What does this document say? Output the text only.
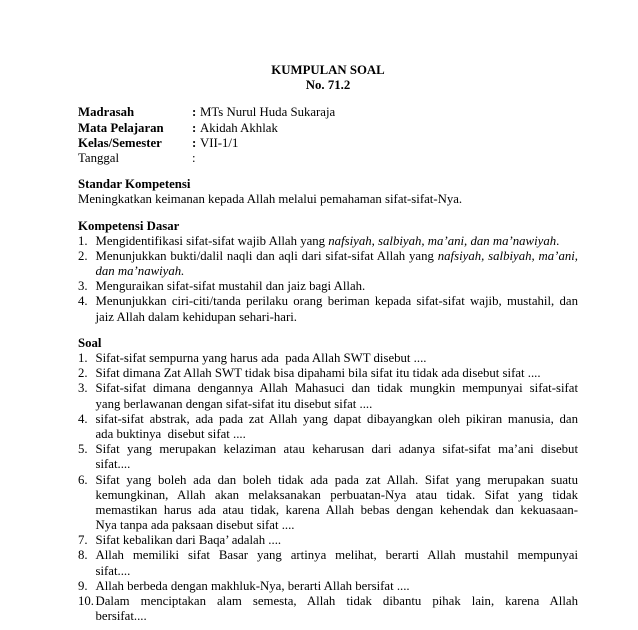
KUMPULAN SOAL
No. 71.2
Madrasah	: MTs Nurul Huda Sukaraja
Mata Pelajaran	: Akidah Akhlak
Kelas/Semester	: VII-1/1
Tanggal	:
Standar Kompetensi
Meningkatkan keimanan kepada Allah melalui pemahaman sifat-sifat-Nya.
Kompetensi Dasar
1. Mengidentifikasi sifat-sifat wajib Allah yang nafsiyah, salbiyah, ma’ani, dan ma’nawiyah.
2. Menunjukkan bukti/dalil naqli dan aqli dari sifat-sifat Allah yang nafsiyah, salbiyah, ma’ani,
dan ma’nawiyah.
3. Menguraikan sifat-sifat mustahil dan jaiz bagi Allah.
4. Menunjukkan ciri-citi/tanda perilaku orang beriman kepada sifat-sifat wajib, mustahil, dan
jaiz Allah dalam kehidupan sehari-hari.
Soal
1. Sifat-sifat sempurna yang harus ada  pada Allah SWT disebut ....
2. Sifat dimana Zat Allah SWT tidak bisa dipahami bila sifat itu tidak ada disebut sifat ....
3. Sifat-sifat dimana dengannya Allah Mahasuci dan tidak mungkin mempunyai sifat-sifat
yang berlawanan dengan sifat-sifat itu disebut sifat ....
4. sifat-sifat abstrak, ada pada zat Allah yang dapat dibayangkan oleh pikiran manusia, dan
ada buktinya  disebut sifat ....
5. Sifat yang merupakan kelaziman atau keharusan dari adanya sifat-sifat ma’ani disebut
sifat....
6. Sifat yang boleh ada dan boleh tidak ada pada zat Allah. Sifat yang merupakan suatu
kemungkinan, Allah akan melaksanakan perbuatan-Nya atau tidak. Sifat yang tidak
memastikan harus ada atau tidak, karena Allah bebas dengan kehendak dan kekuasaan-
Nya tanpa ada paksaan disebut sifat ....
7. Sifat kebalikan dari Baqa’ adalah ....
8. Allah memiliki sifat Basar yang artinya melihat, berarti Allah mustahil mempunyai
sifat....
9. Allah berbeda dengan makhluk-Nya, berarti Allah bersifat ....
10. Dalam menciptakan alam semesta, Allah tidak dibantu pihak lain, karena Allah
bersifat....
